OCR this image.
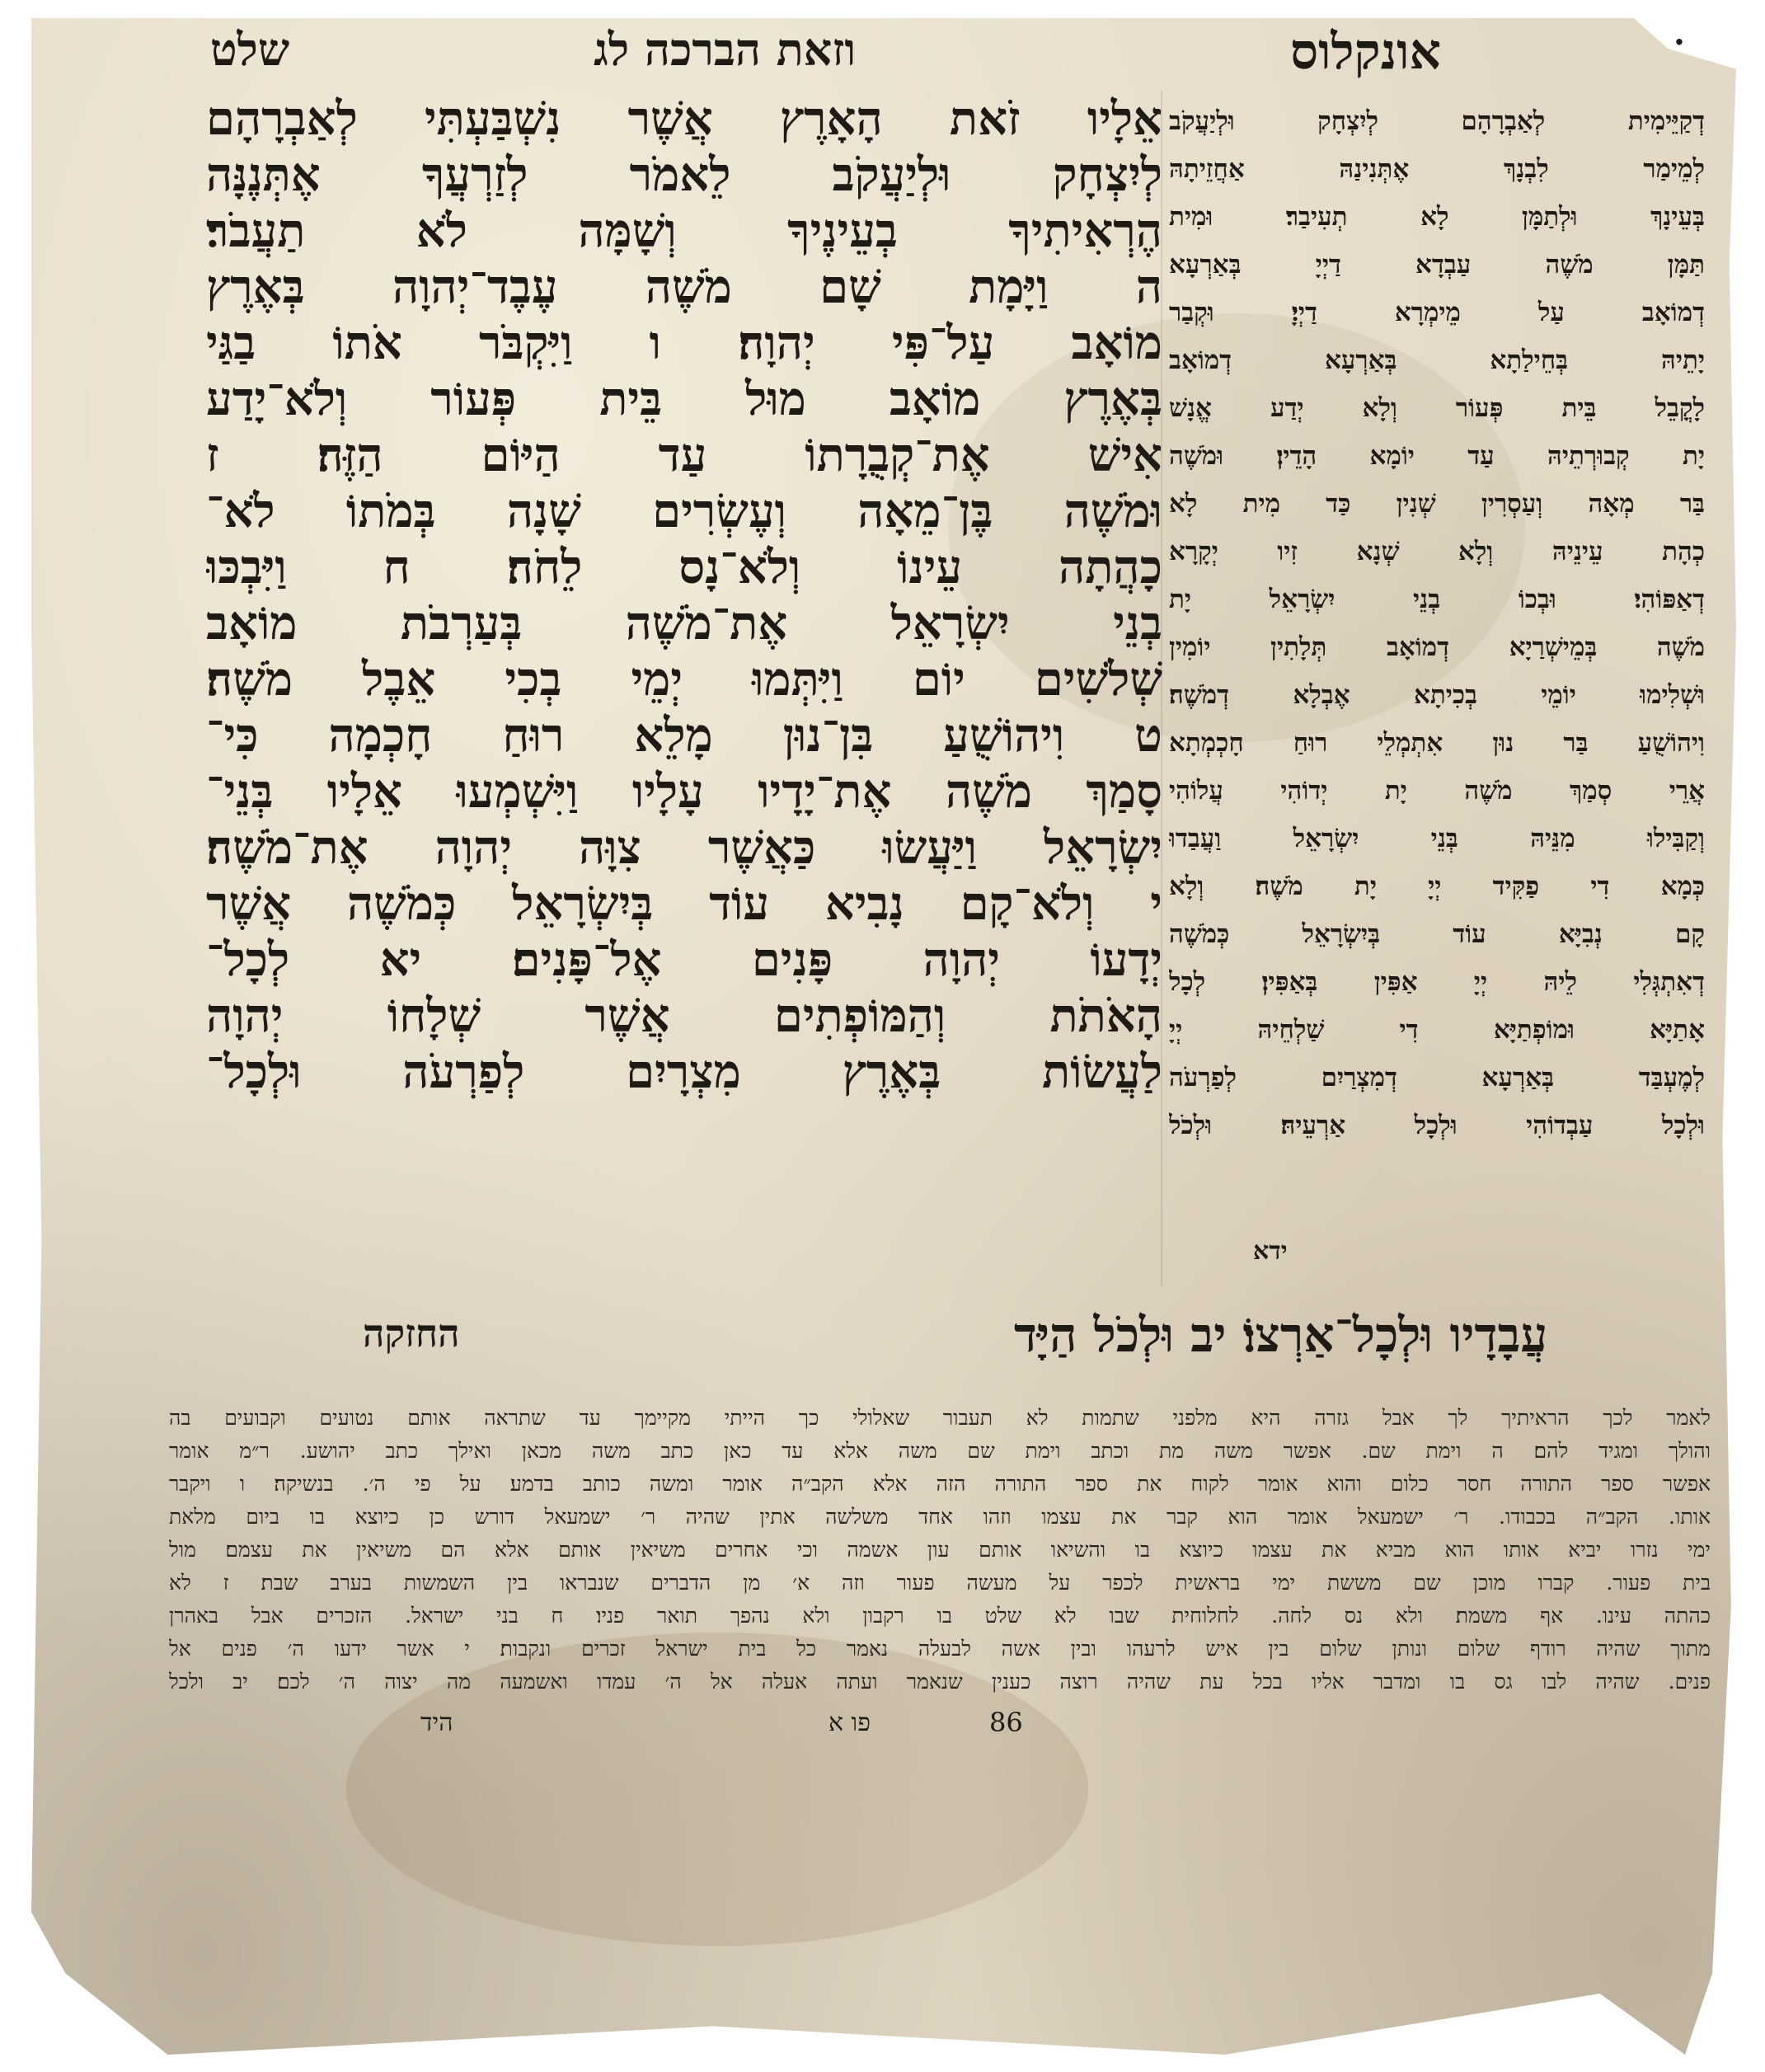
שלט	וזאת הברכה לג	אונקלוס	·
אֵלָיו זֹאת הָאָרֶץ אֲשֶׁר נִשְׁבַּעְתִּי לְאַבְרָהָם
לְיִצְחָק וּלְיַעֲקֹב לֵאמֹר לְזַרְעֲךָ אֶתְּנֶנָּה
הֶרְאִיתִיךָ בְעֵינֶיךָ וְשָׁמָּה לֹא תַעֲבֹר׃
ה וַיָּמָת שָׁם מֹשֶׁה עֶבֶד־יְהוָה בְּאֶרֶץ
מוֹאָב עַל־פִּי יְהוָה׃ ו וַיִּקְבֹּר אֹתוֹ בַגַּי
בְּאֶרֶץ מוֹאָב מוּל בֵּית פְּעוֹר וְלֹא־יָדַע
אִישׁ אֶת־קְבֻרָתוֹ עַד הַיּוֹם הַזֶּה׃ ז
וּמֹשֶׁה בֶּן־מֵאָה וְעֶשְׂרִים שָׁנָה בְּמֹתוֹ לֹא־
כָהֲתָה עֵינוֹ וְלֹא־נָס לֵחֹה׃ ח וַיִּבְכּוּ
בְנֵי יִשְׂרָאֵל אֶת־מֹשֶׁה בְּעַרְבֹת מוֹאָב
שְׁלֹשִׁים יוֹם וַיִּתְּמוּ יְמֵי בְכִי אֵבֶל מֹשֶׁה׃
ט וִיהוֹשֻׁעַ בִּן־נוּן מָלֵא רוּחַ חָכְמָה כִּי־
סָמַךְ מֹשֶׁה אֶת־יָדָיו עָלָיו וַיִּשְׁמְעוּ אֵלָיו בְּנֵי־
יִשְׂרָאֵל וַיַּעֲשׂוּ כַּאֲשֶׁר צִוָּה יְהוָה אֶת־מֹשֶׁה׃
י וְלֹא־קָם נָבִיא עוֹד בְּיִשְׂרָאֵל כְּמֹשֶׁה אֲשֶׁר
יְדָעוֹ יְהוָה פָּנִים אֶל־פָּנִים׃ יא לְכָל־
הָאֹתֹת וְהַמּוֹפְתִים אֲשֶׁר שְׁלָחוֹ יְהוָה
לַעֲשׂוֹת בְּאֶרֶץ מִצְרָיִם לְפַרְעֹה וּלְכָל־
עֲבָדָיו וּלְכָל־אַרְצוֹ׃ יב וּלְכֹל הַיָּד
החזקה
ידא
דְקַיֵּימִית לְאַבְרָהָם לְיִצְחָק וּלְיַעֲקֹב
לְמֵימַר לִבְנָךְ אֶתְּנִינַהּ אַחֲזֵיתָהּ
בְּעֵינָךְ וּלְתַמָּן לָא תְעִיבַר׃ וּמִית
תַּמָּן מֹשֶׁה עַבְדָא דַיְיָ בְּאַרְעָא
דְמוֹאָב עַל מֵימְרָא דַיְיָ׃ וּקְבַר
יָתֵיהּ בְּחֵילַתָא בְּאַרְעָא דְמוֹאָב
לָקֳבֵל בֵּית פְּעוֹר וְלָא יְדַע אֱנָשׁ
יָת קְבוּרְתֵיהּ עַד יוֹמָא הָדֵין׃ וּמֹשֶׁה
בַּר מְאָה וְעַסְרִין שְׁנִין כַּד מִית לָא
כְהָת עֵינֵיהּ וְלָא שְׁנָא זִיו יְקָרָא
דְאַפּוֹהִי׃ וּבְכוֹ בְנֵי יִשְׂרָאֵל יָת
מֹשֶׁה בְּמֵישְׁרַיָא דְמוֹאָב תְּלָתִין יוֹמִין
וּשְׁלִימוּ יוֹמֵי בְכִיתָא אֶבְלָא דְמֹשֶׁה׃
וִיהוֹשֻׁעַ בַּר נוּן אִתְמְלֵי רוּחַ חָכְמְתָא
אֲרֵי סְמַךְ מֹשֶׁה יָת יְדוֹהִי עֲלוֹהִי
וְקַבִּילוּ מִנֵּיהּ בְּנֵי יִשְׂרָאֵל וַעֲבַדוּ
כְּמָא דִי פַקִּיד יְיָ יָת מֹשֶׁה׃ וְלָא
קָם נְבִיָּא עוֹד בְּיִשְׂרָאֵל כְּמֹשֶׁה
דְאִתְגְּלִי לֵיהּ יְיָ אַפִּין בְּאַפִּין׃ לְכָל
אָתַיָּא וּמוֹפְתַיָּא דִי שַׁלְחֵיהּ יְיָ
לְמֶעְבַּד בְּאַרְעָא דְמִצְרַיִם לְפַרְעֹה
וּלְכָל עַבְדוֹהִי וּלְכָל אַרְעֵיהּ׃ וּלְכֹל
לאמר לכך הראיתיך לך אבל גזרה היא מלפני שתמות לא תעבור שאלולי כך הייתי מקיימך עד שתראה אותם נטועים וקבועים בה
והולך ומגיד להם׃ ה וימת שם. אפשר משה מת וכתב וימת שם משה אלא עד כאן כתב משה מכאן ואילך כתב יהושע. ר״מ אומר
אפשר ספר התורה חסר כלום והוא אומר לקוח את ספר התורה הזה אלא הקב״ה אומר ומשה כותב בדמע׃ על פי ה׳. בנשיקה׃ ו ויקבר
אותו. הקב״ה בכבודו. ר׳ ישמעאל אומר הוא קבר את עצמו וזהו אחד משלשה אתין שהיה ר׳ ישמעאל דורש כן כיוצא בו ביום מלאת
ימי נזרו יביא אותו הוא מביא את עצמו כיוצא בו והשיאו אותם עון אשמה וכי אחרים משיאין אותם אלא הם משיאין את עצמם׃ מול
בית פעור. קברו מוכן שם מששת ימי בראשית לכפר על מעשה פעור וזה א׳ מן הדברים שנבראו בין השמשות בערב שבת׃ ז לא
כהתה עינו. אף משמת׃ ולא נס לחה. לחלוחית שבו לא שלט בו רקבון ולא נהפך תואר פניו׃ ח בני ישראל. הזכרים אבל באהרן
מתוך שהיה רודף שלום ונותן שלום בין איש לרעהו ובין אשה לבעלה נאמר כל בית ישראל זכרים ונקבות׃ י אשר ידעו ה׳ פנים אל
פנים. שהיה לבו גס בו ומדבר אליו בכל עת שהיה רוצה כענין שנאמר ועתה אעלה אל ה׳ עמדו ואשמעה מה יצוה ה׳ לכם׃ יב ולכל
היד	פו א	86
